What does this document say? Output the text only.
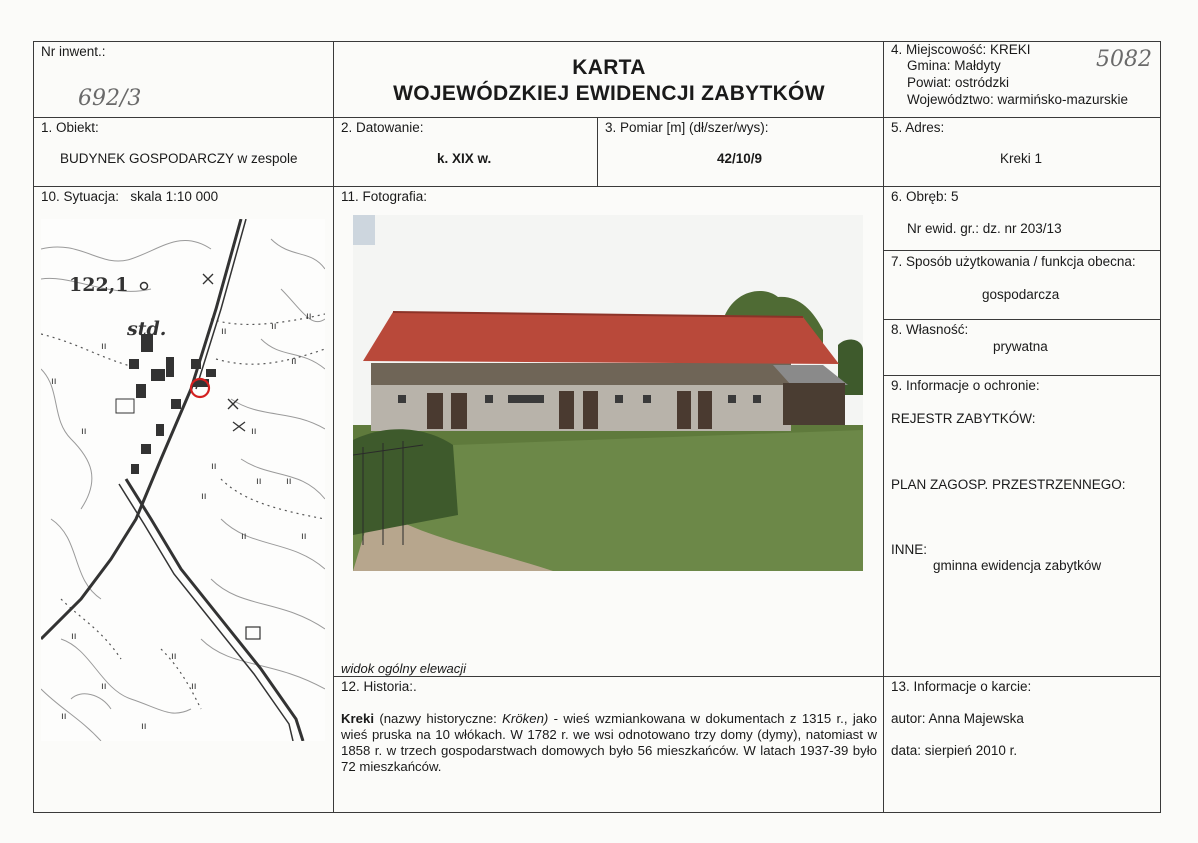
Nr inwent.:
692/3
KARTA
WOJEWÓDZKIEJ EWIDENCJI ZABYTKÓW
4. Miejscowość: KREKI
Gmina: Małdyty
Powiat: ostródzki
Województwo: warmińsko-mazurskie
5082
1. Obiekt:
BUDYNEK GOSPODARCZY w zespole
2. Datowanie:
k. XIX w.
3. Pomiar [m] (dł/szer/wys):
42/10/9
5. Adres:
Kreki 1
10. Sytuacja: skala 1:10 000	11. Fotografia:
122,1
std.
ıı
ıı
ıı
ıı
ıı
ıı
ıı
ıı ıı
ıı
ıı
ıı
ıı
ıı
ıı
ıı
ıı
ıı
ıı
ıı
widok ogólny elewacji
6. Obręb: 5
Nr ewid. gr.: dz. nr 203/13
7. Sposób użytkowania / funkcja obecna:
gospodarcza
8. Własność:
prywatna
9. Informacje o ochronie:
REJESTR ZABYTKÓW:
PLAN ZAGOSP. PRZESTRZENNEGO:
INNE:
gminna ewidencja zabytków
12. Historia:.
Kreki (nazwy historyczne: Kröken) - wieś wzmiankowana w dokumentach z 1315 r., jako wieś pruska na 10 włókach. W 1782 r. we wsi odnotowano trzy domy (dymy), natomiast w 1858 r. w trzech gospodarstwach domowych było 56 mieszkańców. W latach 1937-39 było 72 mieszkańców.
13. Informacje o karcie:
autor: Anna Majewska
data: sierpień 2010 r.
